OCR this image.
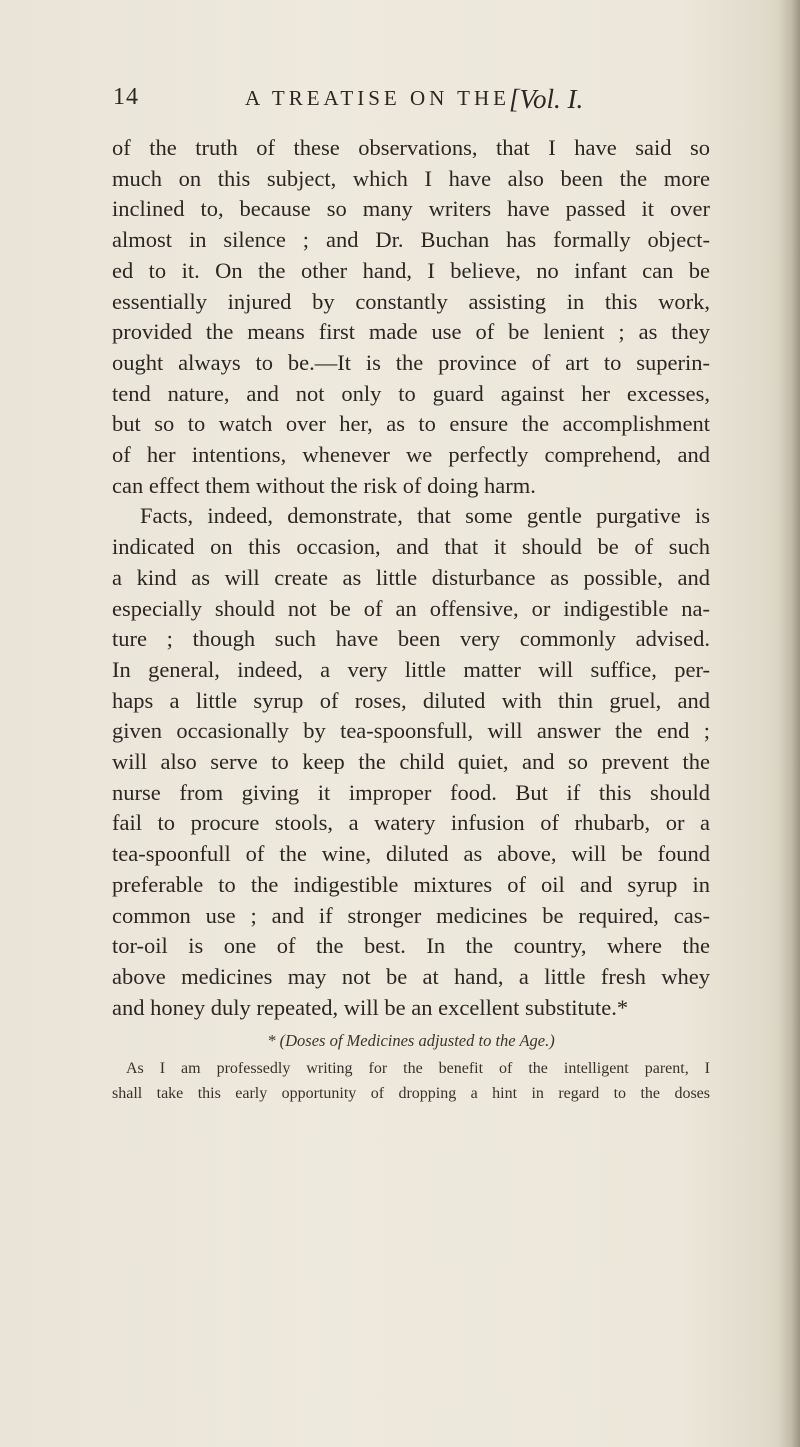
14	A TREATISE ON THE [Vol. I.
of the truth of these observations, that I have said so
much on this subject, which I have also been the more
inclined to, because so many writers have passed it over
almost in silence ; and Dr. Buchan has formally object-
ed to it. On the other hand, I believe, no infant can be
essentially injured by constantly assisting in this work,
provided the means first made use of be lenient ; as they
ought always to be.—It is the province of art to superin-
tend nature, and not only to guard against her excesses,
but so to watch over her, as to ensure the accomplishment
of her intentions, whenever we perfectly comprehend, and
can effect them without the risk of doing harm.
Facts, indeed, demonstrate, that some gentle purgative is
indicated on this occasion, and that it should be of such
a kind as will create as little disturbance as possible, and
especially should not be of an offensive, or indigestible na-
ture ; though such have been very commonly advised.
In general, indeed, a very little matter will suffice, per-
haps a little syrup of roses, diluted with thin gruel, and
given occasionally by tea-spoonsfull, will answer the end ;
will also serve to keep the child quiet, and so prevent the
nurse from giving it improper food. But if this should
fail to procure stools, a watery infusion of rhubarb, or a
tea-spoonfull of the wine, diluted as above, will be found
preferable to the indigestible mixtures of oil and syrup in
common use ; and if stronger medicines be required, cas-
tor-oil is one of the best. In the country, where the
above medicines may not be at hand, a little fresh whey
and honey duly repeated, will be an excellent substitute.*
* (Doses of Medicines adjusted to the Age.)
As I am professedly writing for the benefit of the intelligent parent, I
shall take this early opportunity of dropping a hint in regard to the doses
